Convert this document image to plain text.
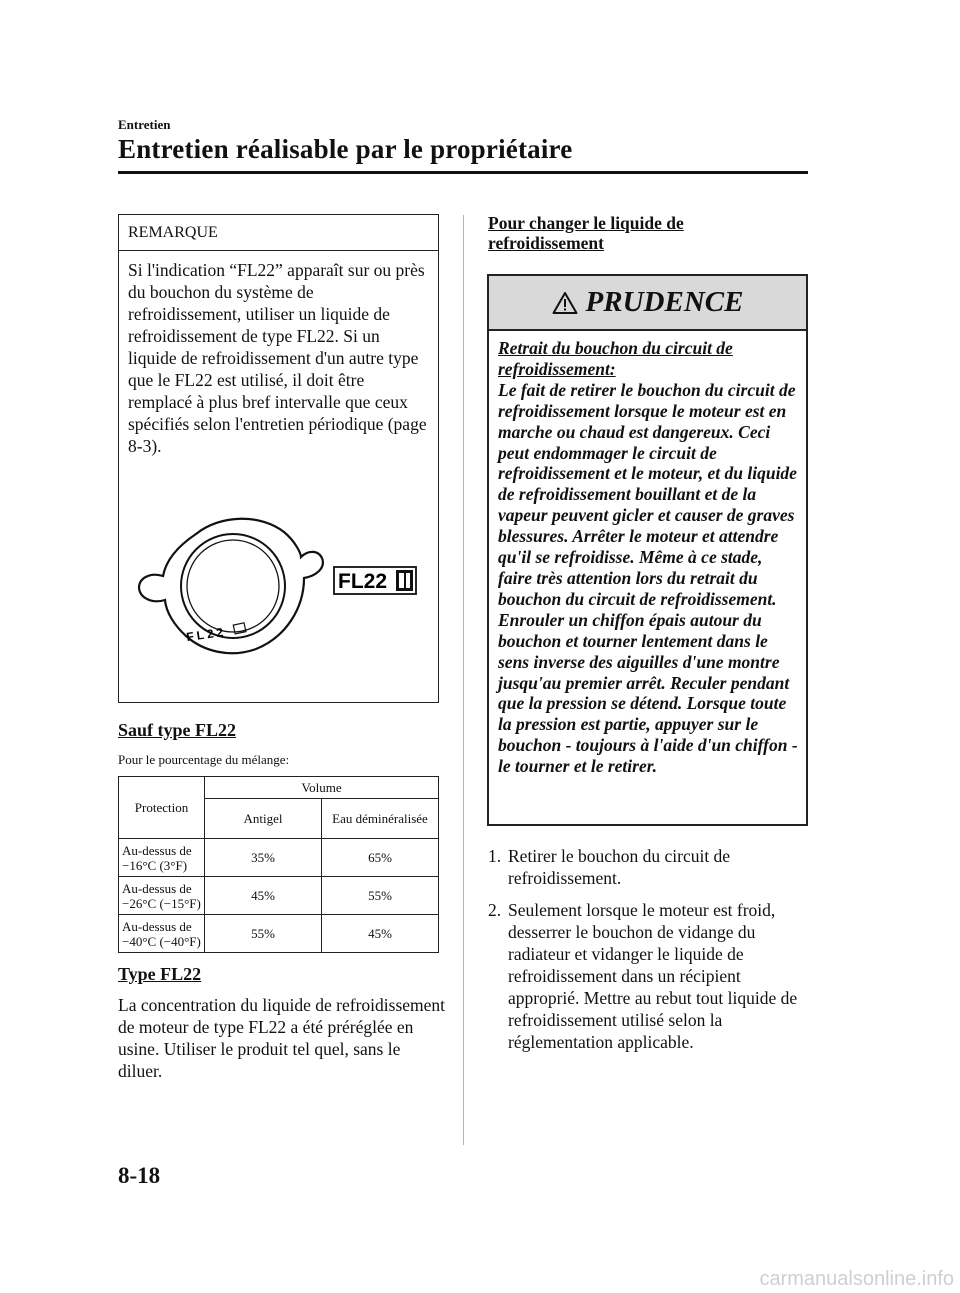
Entretien
Entretien réalisable par le propriétaire
REMARQUE
Si l'indication “FL22” apparaît sur ou près du bouchon du système de refroidissement, utiliser un liquide de refroidissement de type FL22. Si un liquide de refroidissement d'un autre type que le FL22 est utilisé, il doit être remplacé à plus bref intervalle que ceux spécifiés selon l'entretien périodique (page 8-3).
FL22
FL22
Sauf type FL22
Pour le pourcentage du mélange:
Protection	Volume	
	Antigel	Eau déminéralisée
Au-dessus de −16°C (3°F)	35%	65%
Au-dessus de −26°C (−15°F)	45%	55%
Au-dessus de −40°C (−40°F)	55%	45%
Type FL22
La concentration du liquide de refroidissement de moteur de type FL22 a été préréglée en usine. Utiliser le produit tel quel, sans le diluer.
Pour changer le liquide de refroidissement
PRUDENCE
Retrait du bouchon du circuit de refroidissement:
Le fait de retirer le bouchon du circuit de refroidissement lorsque le moteur est en marche ou chaud est dangereux. Ceci peut endommager le circuit de refroidissement et le moteur, et du liquide de refroidissement bouillant et de la vapeur peuvent gicler et causer de graves blessures. Arrêter le moteur et attendre qu'il se refroidisse. Même à ce stade, faire très attention lors du retrait du bouchon du circuit de refroidissement. Enrouler un chiffon épais autour du bouchon et tourner lentement dans le sens inverse des aiguilles d'une montre jusqu'au premier arrêt. Reculer pendant que la pression se détend. Lorsque toute la pression est partie, appuyer sur le bouchon - toujours à l'aide d'un chiffon - le tourner et le retirer.
1. Retirer le bouchon du circuit de refroidissement.
2. Seulement lorsque le moteur est froid, desserrer le bouchon de vidange du radiateur et vidanger le liquide de refroidissement dans un récipient approprié. Mettre au rebut tout liquide de refroidissement utilisé selon la réglementation applicable.
8-18
carmanualsonline.info
